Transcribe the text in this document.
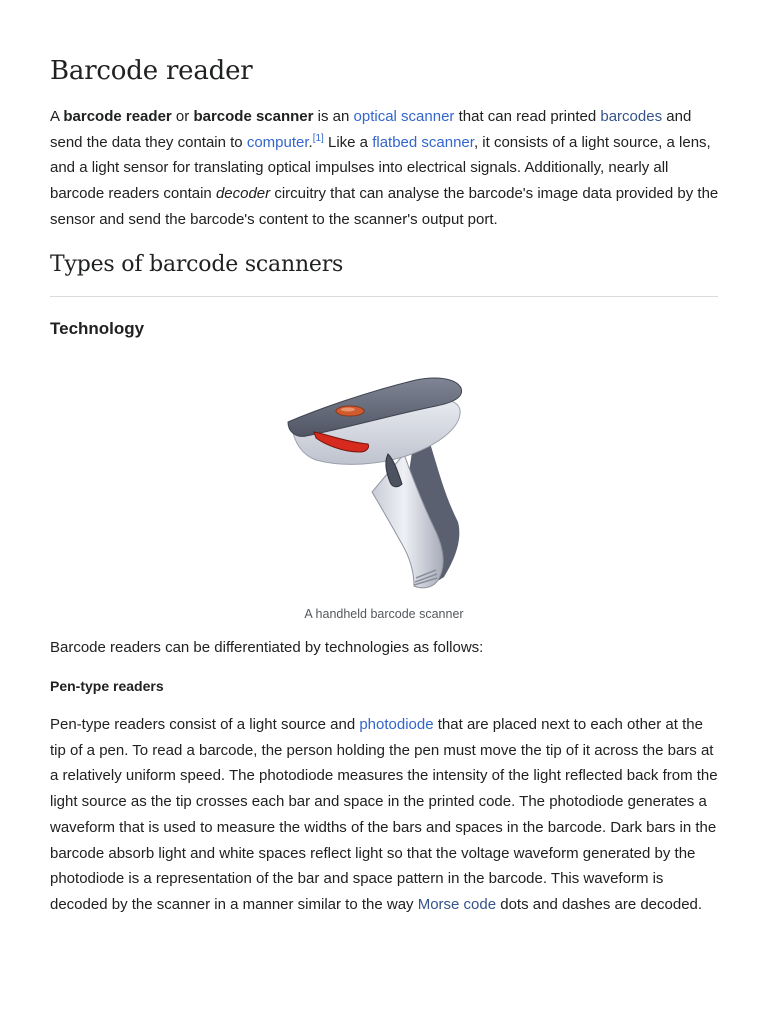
Barcode reader

A barcode reader or barcode scanner is an optical scanner that can read printed barcodes and send the data they contain to computer.[1] Like a flatbed scanner, it consists of a light source, a lens, and a light sensor for translating optical impulses into electrical signals. Additionally, nearly all barcode readers contain decoder circuitry that can analyse the barcode's image data provided by the sensor and send the barcode's content to the scanner's output port.

Types of barcode scanners
Technology
A handheld barcode scanner

Barcode readers can be differentiated by technologies as follows:

Pen-type readers

Pen-type readers consist of a light source and photodiode that are placed next to each other at the tip of a pen. To read a barcode, the person holding the pen must move the tip of it across the bars at a relatively uniform speed. The photodiode measures the intensity of the light reflected back from the light source as the tip crosses each bar and space in the printed code. The photodiode generates a waveform that is used to measure the widths of the bars and spaces in the barcode. Dark bars in the barcode absorb light and white spaces reflect light so that the voltage waveform generated by the photodiode is a representation of the bar and space pattern in the barcode. This waveform is decoded by the scanner in a manner similar to the way Morse code dots and dashes are decoded.
